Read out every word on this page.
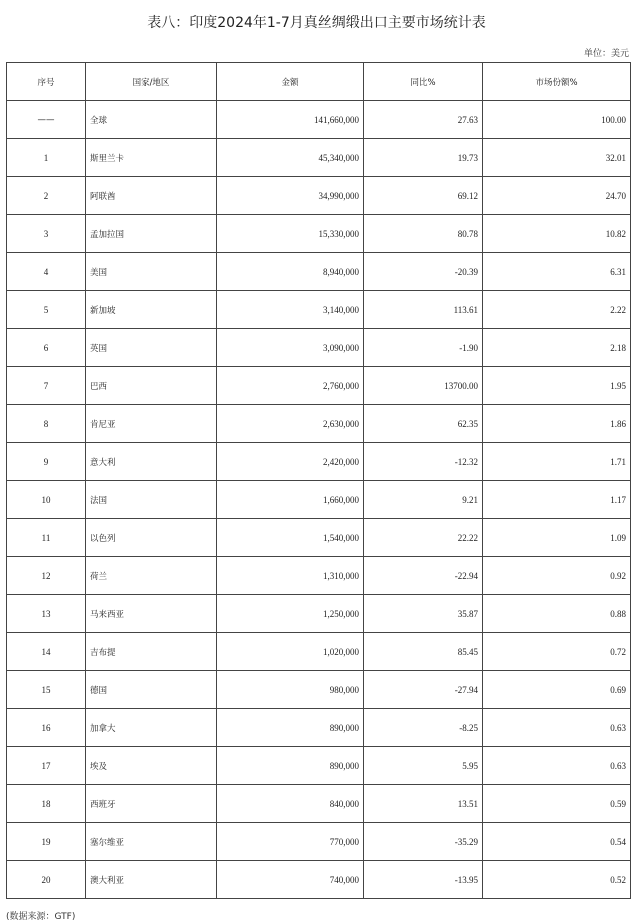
表八：印度2024年1-7月真丝绸缎出口主要市场统计表
单位：美元
序号	国家/地区	金额	同比%	市场份额%
——	全球	141,660,000	27.63	100.00
1	斯里兰卡	45,340,000	19.73	32.01
2	阿联酋	34,990,000	69.12	24.70
3	孟加拉国	15,330,000	80.78	10.82
4	美国	8,940,000	-20.39	6.31
5	新加坡	3,140,000	113.61	2.22
6	英国	3,090,000	-1.90	2.18
7	巴西	2,760,000	13700.00	1.95
8	肯尼亚	2,630,000	62.35	1.86
9	意大利	2,420,000	-12.32	1.71
10	法国	1,660,000	9.21	1.17
11	以色列	1,540,000	22.22	1.09
12	荷兰	1,310,000	-22.94	0.92
13	马来西亚	1,250,000	35.87	0.88
14	吉布提	1,020,000	85.45	0.72
15	德国	980,000	-27.94	0.69
16	加拿大	890,000	-8.25	0.63
17	埃及	890,000	5.95	0.63
18	西班牙	840,000	13.51	0.59
19	塞尔维亚	770,000	-35.29	0.54
20	澳大利亚	740,000	-13.95	0.52
(数据来源：GTF)
